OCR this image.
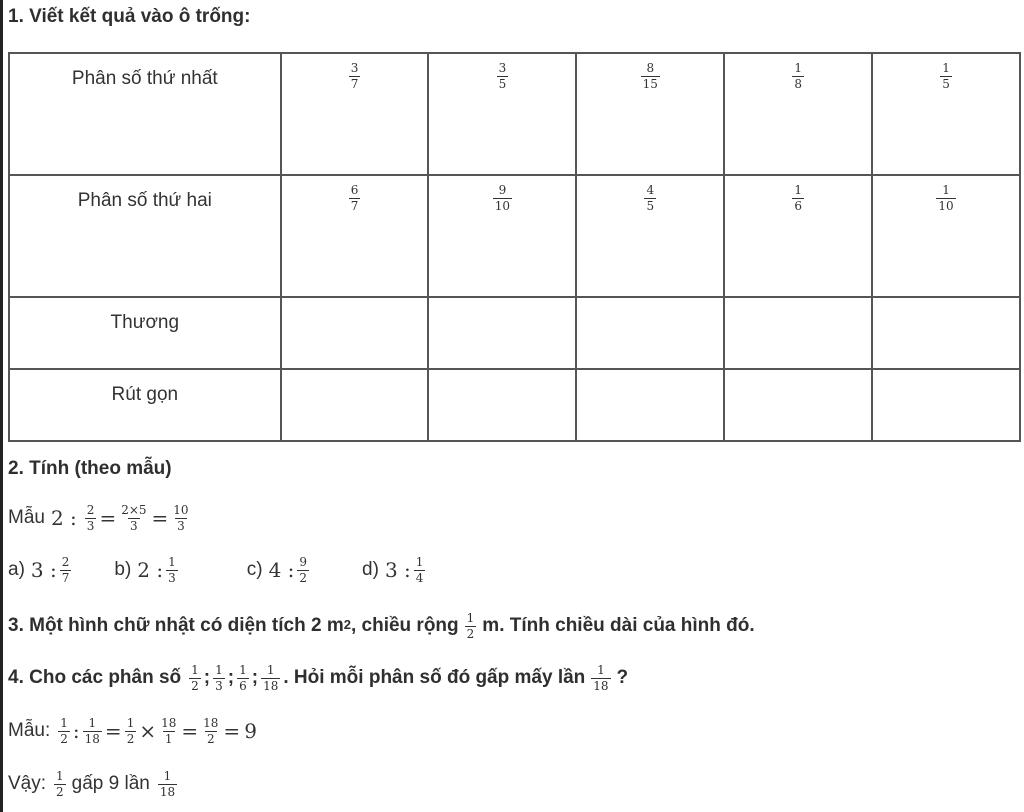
1. Viết kết quả vào ô trống:
Phân số thứ nhất	$\frac{3}{7}$	$\frac{3}{5}$	$\frac{8}{15}$	$\frac{1}{8}$	$\frac{1}{5}$

Phân số thứ hai	$\frac{6}{7}$	$\frac{9}{10}$	$\frac{4}{5}$	$\frac{1}{6}$	$\frac{1}{10}$

Thương					
Rút gọn					
2. Tính (theo mẫu)
Mẫu 2 : $\frac{2}{3} = \frac{2\times 5}{3} = \frac{10}{3}$
a) 3 : $\frac{2}{7} b$) 2 : $\frac{1}{3}$	c) 4 : $\frac{9}{2}$	d) 3 : $\frac{1}{4}$
3. Một hình chữ nhật có diện tích 2 $m^2$ , chiều rộng $\frac{1}{2} m$. Tính chiều dài của hình đó.
4. Cho các phân số $\frac{1}{2}$ ; $\frac{1}{3}$ ; $\frac{1}{6}$ ; $\frac{1}{18}$ . Hỏi mỗi phân số đó gấp mấy lần $\frac{1}{18}$ ?
Mẫu: $\frac{1}{2}$ : $\frac{1}{18} = \frac{1}{2} \times \frac{18}{1} = \frac{18}{2} = 9$
Vậy: $\frac{1}{2}$ gấp 9 lần $\frac{1}{18}$
